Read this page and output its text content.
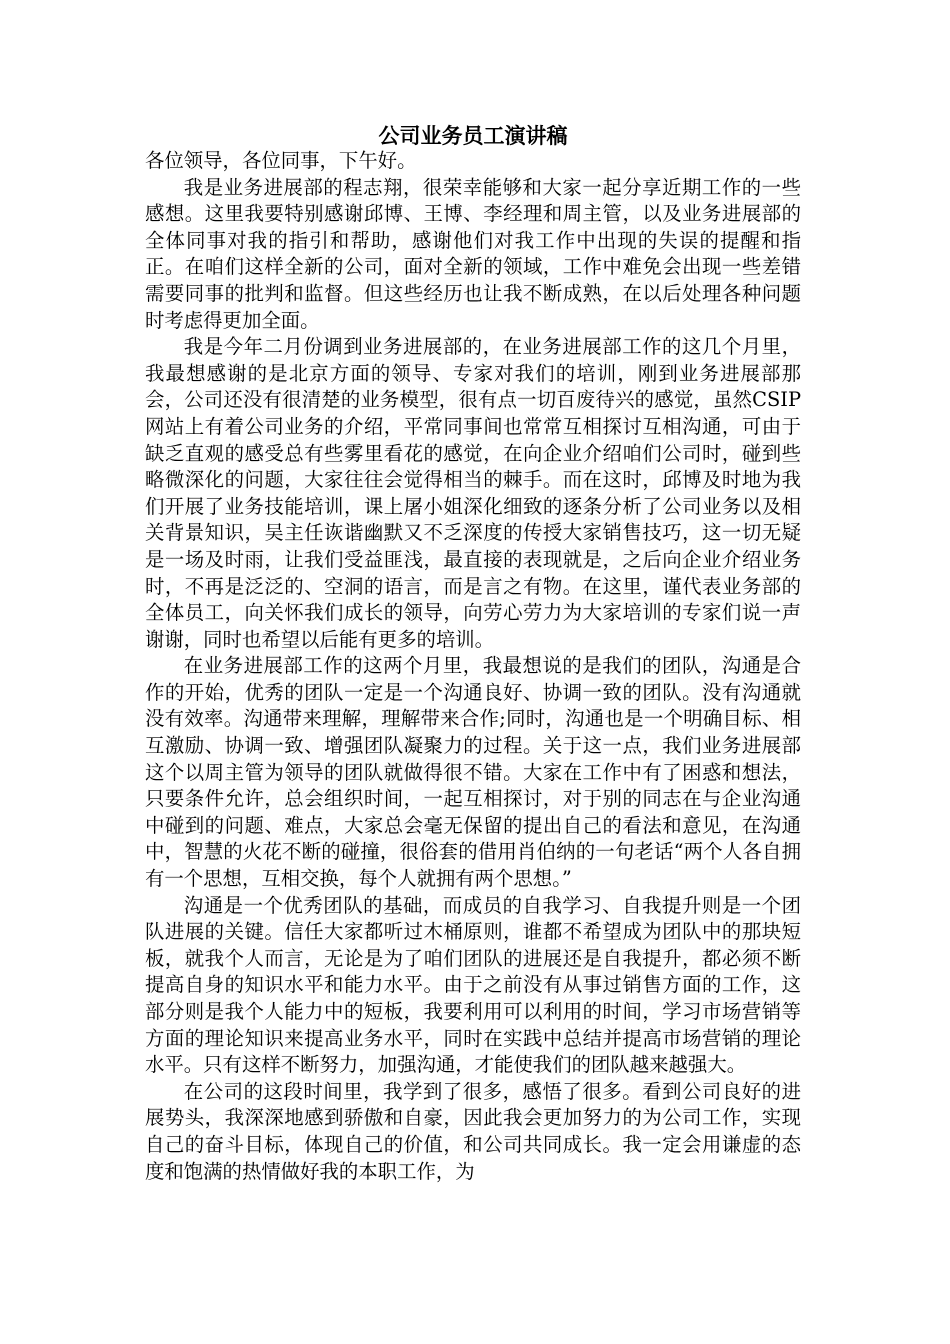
公司业务员工演讲稿

各位领导，各位同事，下午好。

我是业务进展部的程志翔，很荣幸能够和大家一起分享近期工作的一些感想。这里我要特别感谢邱博、王博、李经理和周主管，以及业务进展部的全体同事对我的指引和帮助，感谢他们对我工作中出现的失误的提醒和指正。在咱们这样全新的公司，面对全新的领域，工作中难免会出现一些差错需要同事的批判和监督。但这些经历也让我不断成熟，在以后处理各种问题时考虑得更加全面。

我是今年二月份调到业务进展部的，在业务进展部工作的这几个月里，我最想感谢的是北京方面的领导、专家对我们的培训，刚到业务进展部那会，公司还没有很清楚的业务模型，很有点一切百废待兴的感觉，虽然CSIP网站上有着公司业务的介绍，平常同事间也常常互相探讨互相沟通，可由于缺乏直观的感受总有些雾里看花的感觉，在向企业介绍咱们公司时，碰到些略微深化的问题，大家往往会觉得相当的棘手。而在这时，邱博及时地为我们开展了业务技能培训，课上屠小姐深化细致的逐条分析了公司业务以及相关背景知识，吴主任诙谐幽默又不乏深度的传授大家销售技巧，这一切无疑是一场及时雨，让我们受益匪浅，最直接的表现就是，之后向企业介绍业务时，不再是泛泛的、空洞的语言，而是言之有物。在这里，谨代表业务部的全体员工，向关怀我们成长的领导，向劳心劳力为大家培训的专家们说一声谢谢，同时也希望以后能有更多的培训。

在业务进展部工作的这两个月里，我最想说的是我们的团队，沟通是合作的开始，优秀的团队一定是一个沟通良好、协调一致的团队。没有沟通就没有效率。沟通带来理解，理解带来合作;同时，沟通也是一个明确目标、相互激励、协调一致、增强团队凝聚力的过程。关于这一点，我们业务进展部这个以周主管为领导的团队就做得很不错。大家在工作中有了困惑和想法，只要条件允许，总会组织时间，一起互相探讨，对于别的同志在与企业沟通中碰到的问题、难点，大家总会毫无保留的提出自己的看法和意见，在沟通中，智慧的火花不断的碰撞，很俗套的借用肖伯纳的一句老话“两个人各自拥有一个思想，互相交换，每个人就拥有两个思想。”

沟通是一个优秀团队的基础，而成员的自我学习、自我提升则是一个团队进展的关键。信任大家都听过木桶原则，谁都不希望成为团队中的那块短板，就我个人而言，无论是为了咱们团队的进展还是自我提升，都必须不断提高自身的知识水平和能力水平。由于之前没有从事过销售方面的工作，这部分则是我个人能力中的短板，我要利用可以利用的时间，学习市场营销等方面的理论知识来提高业务水平，同时在实践中总结并提高市场营销的理论水平。只有这样不断努力，加强沟通，才能使我们的团队越来越强大。

在公司的这段时间里，我学到了很多，感悟了很多。看到公司良好的进展势头，我深深地感到骄傲和自豪，因此我会更加努力的为公司工作，实现自己的奋斗目标，体现自己的价值，和公司共同成长。我一定会用谦虚的态度和饱满的热情做好我的本职工作，为
